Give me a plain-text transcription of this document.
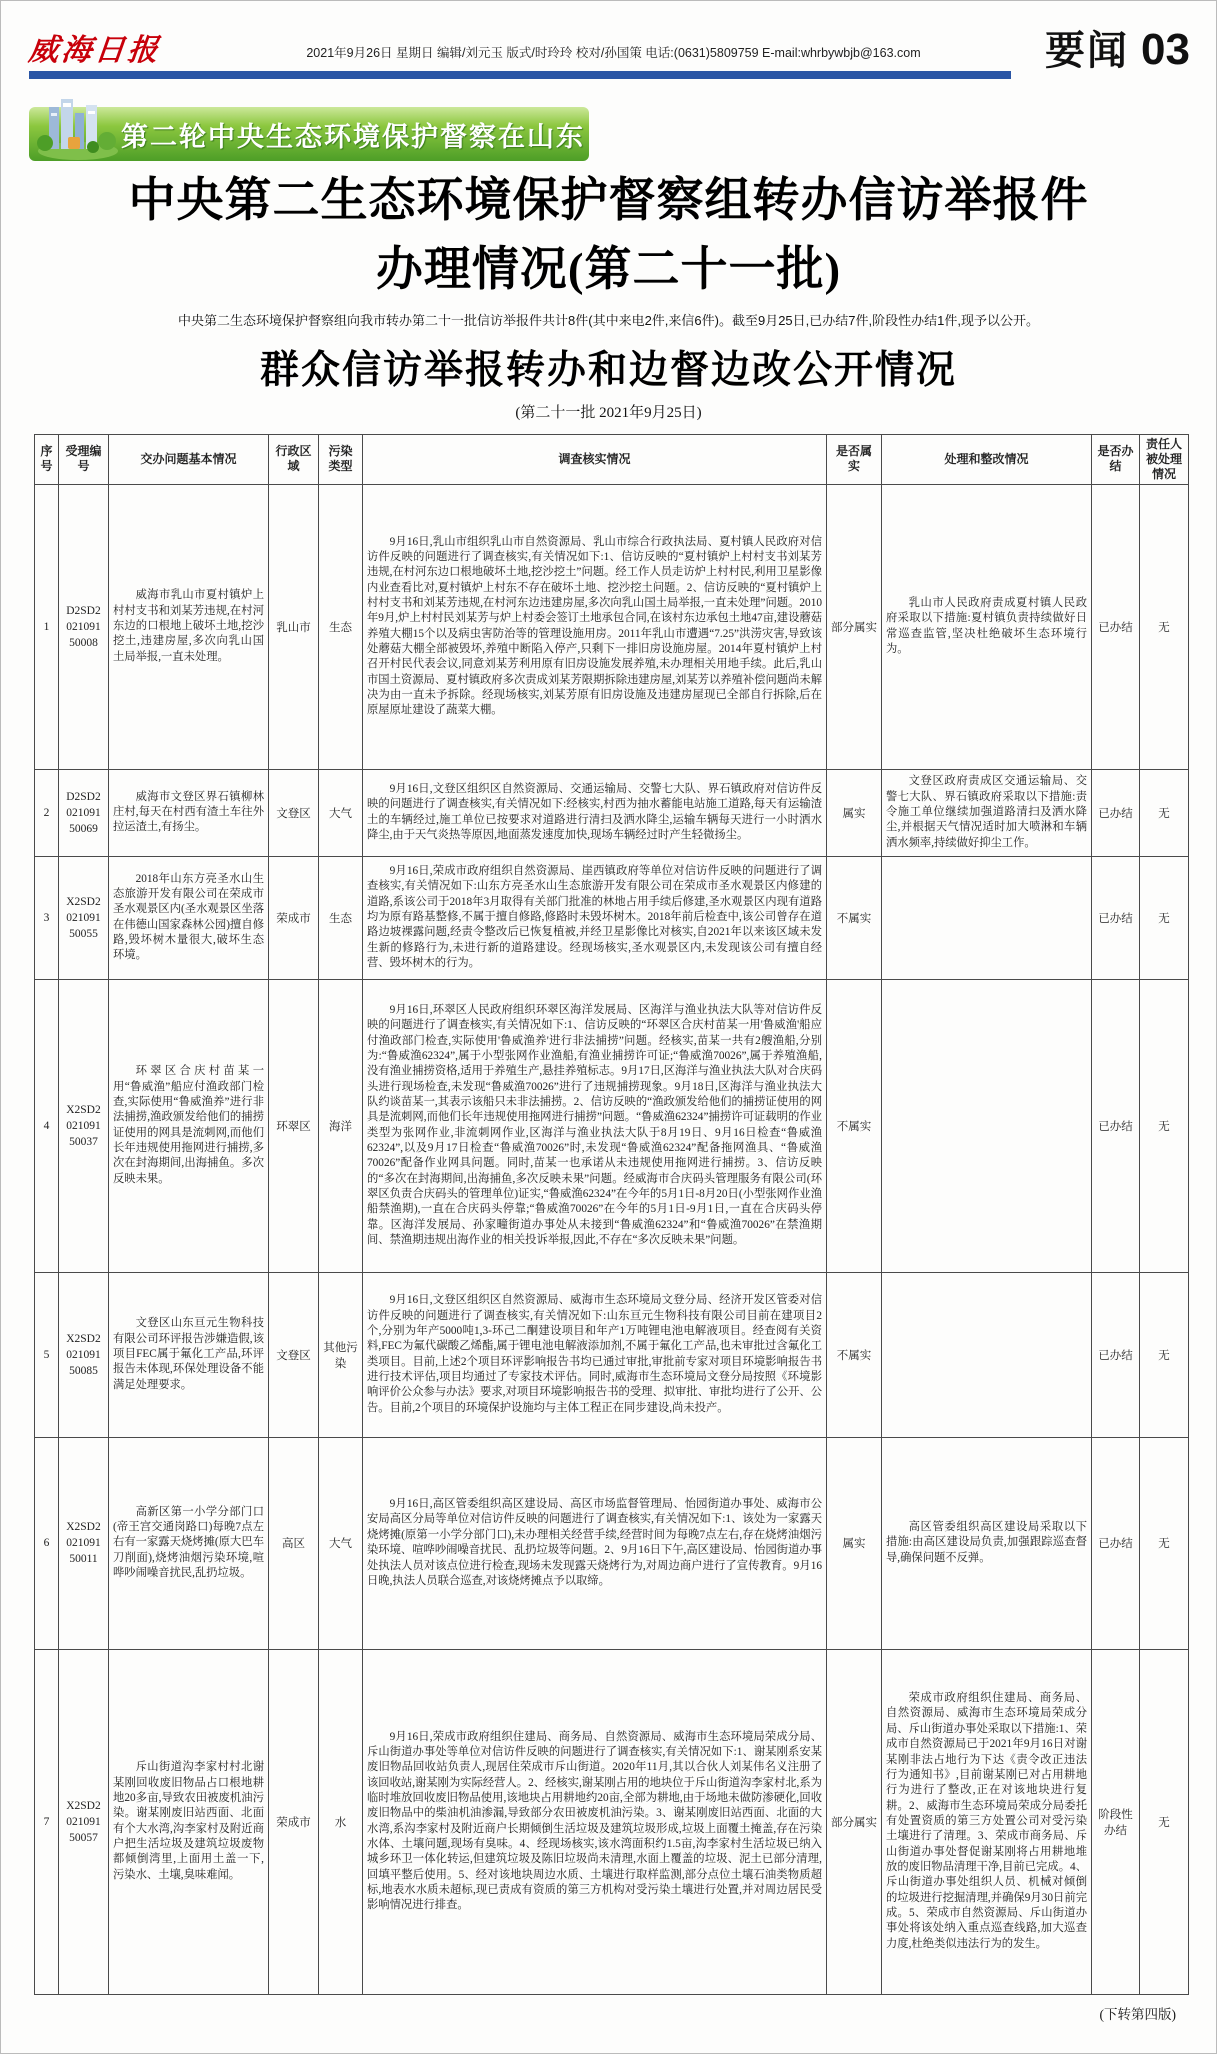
威海日报	2021年9月26日 星期日 编辑/刘元玉 版式/时玲玲 校对/孙国策 电话:(0631)5809759 E-mail:whrbywbjb@163.com	要闻 03
第二轮中央生态环境保护督察在山东
中央第二生态环境保护督察组转办信访举报件
办理情况(第二十一批)
中央第二生态环境保护督察组向我市转办第二十一批信访举报件共计8件(其中来电2件,来信6件)。截至9月25日,已办结7件,阶段性办结1件,现予以公开。
群众信访举报转办和边督边改公开情况
(第二十一批 2021年9月25日)
序号	受理编号	交办问题基本情况	行政区域	污染类型	调查核实情况	是否属实	处理和整改情况	是否办结	责任人被处理情况
1	D2SD2 021091 50008	威海市乳山市夏村镇炉上村村支书和刘某芳违规,在村河东边的口根地上破坏土地,挖沙挖土,违建房屋,多次向乳山国土局举报,一直未处理。	乳山市	生态	9月16日,乳山市组织乳山市自然资源局、乳山市综合行政执法局、夏村镇人民政府对信访件反映的问题进行了调查核实,有关情况如下:1、信访反映的“夏村镇炉上村村支书刘某芳违规,在村河东边口根地破坏土地,挖沙挖土”问题。经工作人员走访炉上村村民,利用卫星影像内业查看比对,夏村镇炉上村东不存在破坏土地、挖沙挖土问题。2、信访反映的“夏村镇炉上村村支书和刘某芳违规,在村河东边违建房屋,多次向乳山国土局举报,一直未处理”问题。2010年9月,炉上村村民刘某芳与炉上村委会签订土地承包合同,在该村东边承包土地47亩,建设蘑菇养殖大棚15个以及病虫害防治等的管理设施用房。2011年乳山市遭遇“7.25”洪涝灾害,导致该处蘑菇大棚全部被毁坏,养殖中断陷入停产,只剩下一排旧房设施房屋。2014年夏村镇炉上村召开村民代表会议,同意刘某芳利用原有旧房设施发展养殖,未办理相关用地手续。此后,乳山市国土资源局、夏村镇政府多次责成刘某芳限期拆除违建房屋,刘某芳以养殖补偿问题尚未解决为由一直未予拆除。经现场核实,刘某芳原有旧房设施及违建房屋现已全部自行拆除,后在原屋原址建设了蔬菜大棚。	部分属实	乳山市人民政府责成夏村镇人民政府采取以下措施:夏村镇负责持续做好日常巡查监管,坚决杜绝破坏生态环境行为。	已办结	无
2	D2SD2 021091 50069	威海市文登区界石镇柳林庄村,每天在村西有渣土车往外拉运渣土,有扬尘。	文登区	大气	9月16日,文登区组织区自然资源局、交通运输局、交警七大队、界石镇政府对信访件反映的问题进行了调查核实,有关情况如下:经核实,村西为抽水蓄能电站施工道路,每天有运输渣土的车辆经过,施工单位已按要求对道路进行清扫及洒水降尘,运输车辆每天进行一小时洒水降尘,由于天气炎热等原因,地面蒸发速度加快,现场车辆经过时产生轻微扬尘。	属实	文登区政府责成区交通运输局、交警七大队、界石镇政府采取以下措施:责令施工单位继续加强道路清扫及洒水降尘,并根据天气情况适时加大喷淋和车辆洒水频率,持续做好抑尘工作。	已办结	无
3	X2SD2 021091 50055	2018年山东方亮圣水山生态旅游开发有限公司在荣成市圣水观景区内(圣水观景区坐落在伟德山国家森林公园)擅自修路,毁坏树木量很大,破坏生态环境。	荣成市	生态	9月16日,荣成市政府组织自然资源局、崖西镇政府等单位对信访件反映的问题进行了调查核实,有关情况如下:山东方亮圣水山生态旅游开发有限公司在荣成市圣水观景区内修建的道路,系该公司于2018年3月取得有关部门批准的林地占用手续后修建,圣水观景区内现有道路均为原有路基整修,不属于擅自修路,修路时未毁坏树木。2018年前后检查中,该公司曾存在道路边坡裸露问题,经责令整改后已恢复植被,并经卫星影像比对核实,自2021年以来该区域未发生新的修路行为,未进行新的道路建设。经现场核实,圣水观景区内,未发现该公司有擅自经营、毁坏树木的行为。	不属实		已办结	无
4	X2SD2 021091 50037	环翠区合庆村苗某一用“鲁威渔”船应付渔政部门检查,实际使用“鲁威渔养”进行非法捕捞,渔政颁发给他们的捕捞证使用的网具是流刺网,而他们长年违规使用拖网进行捕捞,多次在封海期间,出海捕鱼。多次反映未果。	环翠区	海洋	9月16日,环翠区人民政府组织环翠区海洋发展局、区海洋与渔业执法大队等对信访件反映的问题进行了调查核实,有关情况如下:1、信访反映的“环翠区合庆村苗某一用'鲁威渔'船应付渔政部门检查,实际使用'鲁威渔养'进行非法捕捞”问题。经核实,苗某一共有2艘渔船,分别为:“鲁威渔62324”,属于小型张网作业渔船,有渔业捕捞许可证;“鲁威渔70026”,属于养殖渔船,没有渔业捕捞资格,适用于养殖生产,悬挂养殖标志。9月17日,区海洋与渔业执法大队对合庆码头进行现场检查,未发现“鲁威渔70026”进行了违规捕捞现象。9月18日,区海洋与渔业执法大队约谈苗某一,其表示该船只未非法捕捞。2、信访反映的“渔政颁发给他们的捕捞证使用的网具是流刺网,而他们长年违规使用拖网进行捕捞”问题。“鲁威渔62324”捕捞许可证载明的作业类型为张网作业,非流刺网作业,区海洋与渔业执法大队于8月19日、9月16日检查“鲁威渔62324”,以及9月17日检查“鲁威渔70026”时,未发现“鲁威渔62324”配备拖网渔具、“鲁威渔70026”配备作业网具问题。同时,苗某一也承诺从未违规使用拖网进行捕捞。3、信访反映的“多次在封海期间,出海捕鱼,多次反映未果”问题。经威海市合庆码头管理服务有限公司(环翠区负责合庆码头的管理单位)证实,“鲁威渔62324”在今年的5月1日-8月20日(小型张网作业渔船禁渔期),一直在合庆码头停靠;“鲁威渔70026”在今年的5月1日-9月1日,一直在合庆码头停靠。区海洋发展局、孙家疃街道办事处从未接到“鲁威渔62324”和“鲁威渔70026”在禁渔期间、禁渔期违规出海作业的相关投诉举报,因此,不存在“多次反映未果”问题。	不属实		已办结	无
5	X2SD2 021091 50085	文登区山东亘元生物科技有限公司环评报告涉嫌造假,该项目FEC属于氟化工产品,环评报告未体现,环保处理设备不能满足处理要求。	文登区	其他污染	9月16日,文登区组织区自然资源局、威海市生态环境局文登分局、经济开发区管委对信访件反映的问题进行了调查核实,有关情况如下:山东亘元生物科技有限公司目前在建项目2个,分别为年产5000吨1,3-环己二酮建设项目和年产1万吨锂电池电解液项目。经查阅有关资料,FEC为氟代碳酸乙烯酯,属于锂电池电解液添加剂,不属于氟化工产品,也未审批过含氟化工类项目。目前,上述2个项目环评影响报告书均已通过审批,审批前专家对项目环境影响报告书进行技术评估,项目均通过了专家技术评估。同时,威海市生态环境局文登分局按照《环境影响评价公众参与办法》要求,对项目环境影响报告书的受理、拟审批、审批均进行了公开、公告。目前,2个项目的环境保护设施均与主体工程正在同步建设,尚未投产。	不属实		已办结	无
6	X2SD2 021091 50011	高新区第一小学分部门口(帝王宫交通岗路口)每晚7点左右有一家露天烧烤摊(原大巴车刀削面),烧烤油烟污染环境,喧哗吵闹噪音扰民,乱扔垃圾。	高区	大气	9月16日,高区管委组织高区建设局、高区市场监督管理局、怡园街道办事处、威海市公安局高区分局等单位对信访件反映的问题进行了调查核实,有关情况如下:1、该处为一家露天烧烤摊(原第一小学分部门口),未办理相关经营手续,经营时间为每晚7点左右,存在烧烤油烟污染环境、喧哗吵闹噪音扰民、乱扔垃圾等问题。2、9月16日下午,高区建设局、怡园街道办事处执法人员对该点位进行检查,现场未发现露天烧烤行为,对周边商户进行了宣传教育。9月16日晚,执法人员联合巡查,对该烧烤摊点予以取缔。	属实	高区管委组织高区建设局采取以下措施:由高区建设局负责,加强跟踪巡查督导,确保问题不反弹。	已办结	无
7	X2SD2 021091 50057	斥山街道沟李家村村北谢某刚回收废旧物品占口根地耕地20多亩,导致农田被废机油污染。谢某刚废旧站西面、北面有个大水湾,沟李家村及附近商户把生活垃圾及建筑垃圾废物都倾倒湾里,上面用土盖一下,污染水、土壤,臭味难闻。	荣成市	水	9月16日,荣成市政府组织住建局、商务局、自然资源局、威海市生态环境局荣成分局、斥山街道办事处等单位对信访件反映的问题进行了调查核实,有关情况如下:1、谢某刚系安某废旧物品回收站负责人,现居住荣成市斥山街道。2020年11月,其以合伙人刘某伟名义注册了该回收站,谢某刚为实际经营人。2、经核实,谢某刚占用的地块位于斥山街道沟李家村北,系为临时堆放回收废旧物品使用,该地块占用耕地约20亩,全部为耕地,由于场地未做防渗硬化,回收废旧物品中的柴油机油渗漏,导致部分农田被废机油污染。3、谢某刚废旧站西面、北面的大水湾,系沟李家村及附近商户长期倾倒生活垃圾及建筑垃圾形成,垃圾上面覆土掩盖,存在污染水体、土壤问题,现场有臭味。4、经现场核实,该水湾面积约1.5亩,沟李家村生活垃圾已纳入城乡环卫一体化转运,但建筑垃圾及陈旧垃圾尚未清理,水面上覆盖的垃圾、泥土已部分清理,回填平整后使用。5、经对该地块周边水质、土壤进行取样监测,部分点位土壤石油类物质超标,地表水水质未超标,现已责成有资质的第三方机构对受污染土壤进行处置,并对周边居民受影响情况进行排查。	部分属实	荣成市政府组织住建局、商务局、自然资源局、威海市生态环境局荣成分局、斥山街道办事处采取以下措施:1、荣成市自然资源局已于2021年9月16日对谢某刚非法占地行为下达《责令改正违法行为通知书》,目前谢某刚已对占用耕地行为进行了整改,正在对该地块进行复耕。2、威海市生态环境局荣成分局委托有处置资质的第三方处置公司对受污染土壤进行了清理。3、荣成市商务局、斥山街道办事处督促谢某刚将占用耕地堆放的废旧物品清理干净,目前已完成。4、斥山街道办事处组织人员、机械对倾倒的垃圾进行挖掘清理,并确保9月30日前完成。5、荣成市自然资源局、斥山街道办事处将该处纳入重点巡查线路,加大巡查力度,杜绝类似违法行为的发生。	阶段性办结	无
(下转第四版)
